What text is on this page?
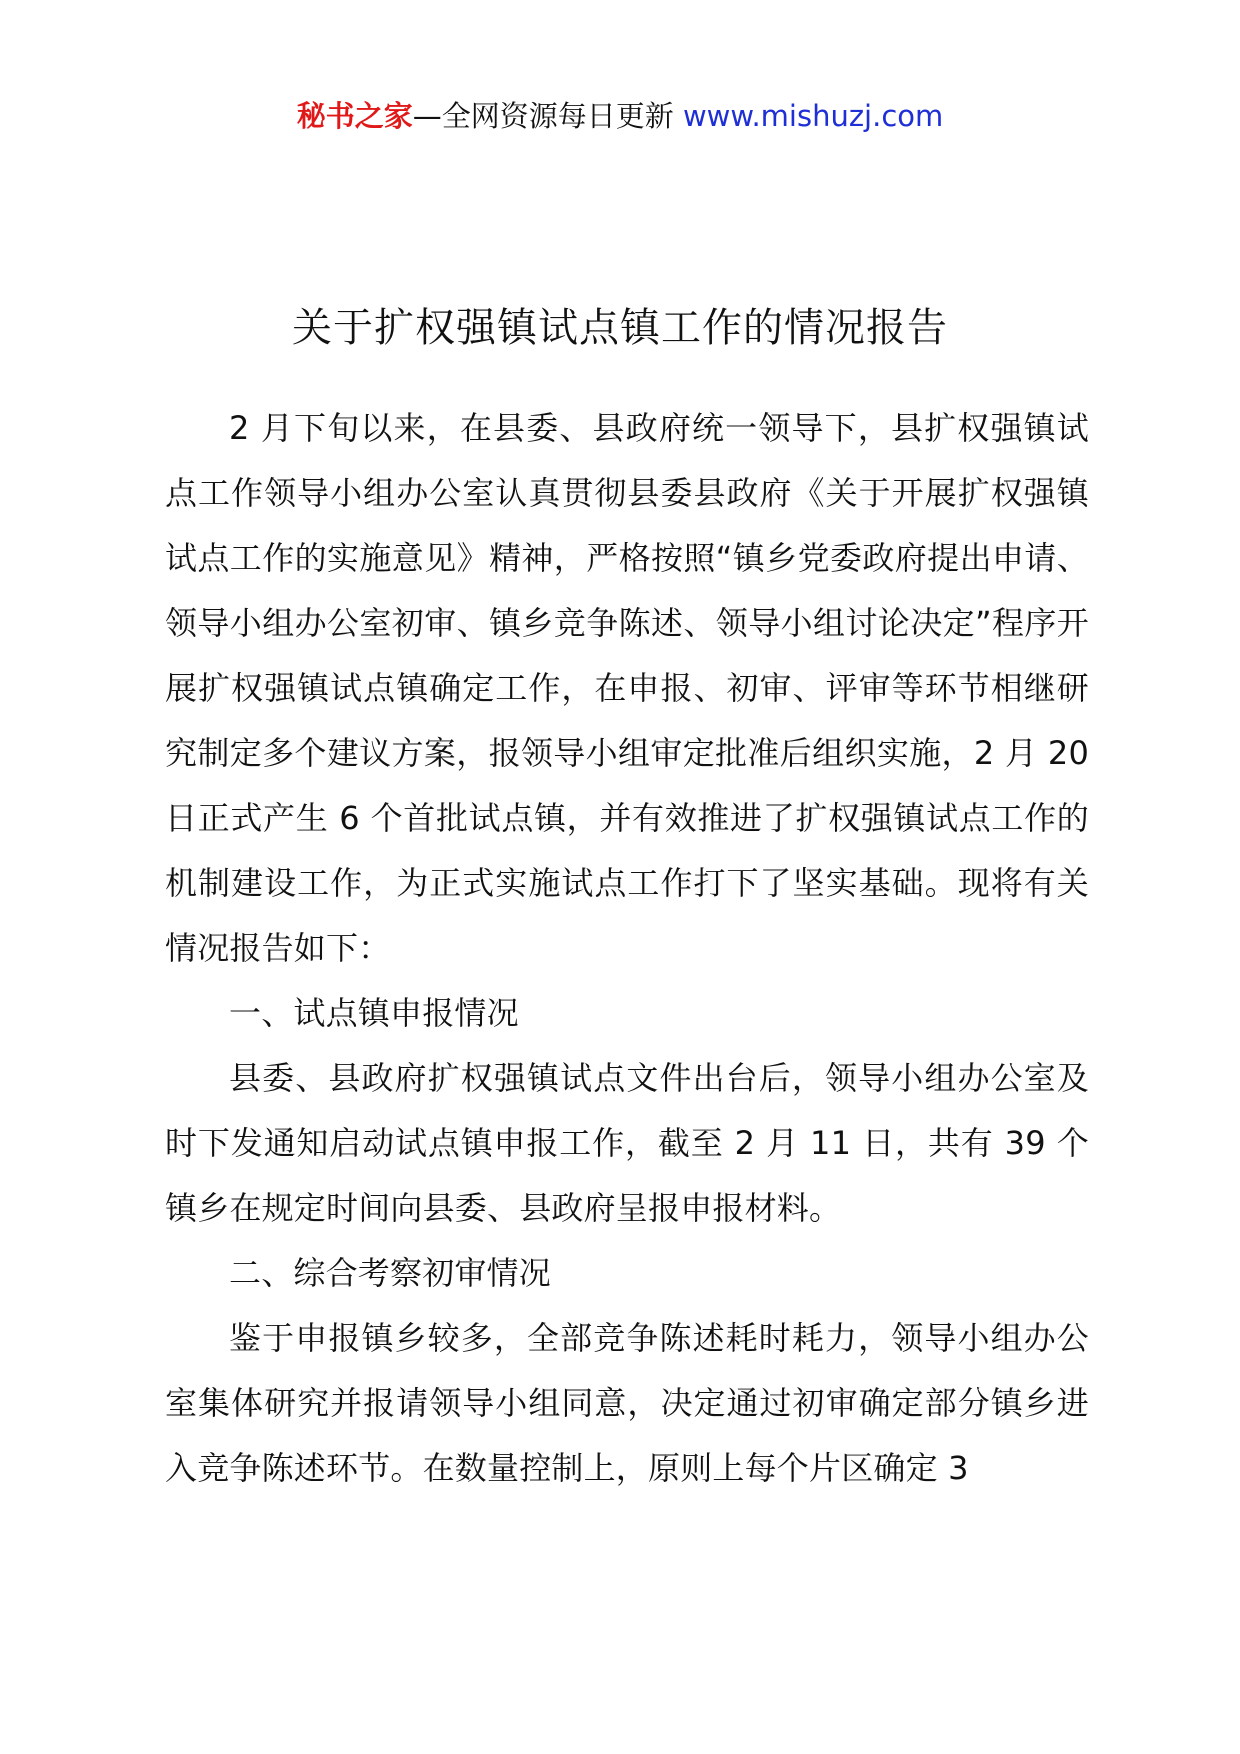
秘书之家—全网资源每日更新 www.mishuzj.com
关于扩权强镇试点镇工作的情况报告

2 月下旬以来，在县委、县政府统一领导下，县扩权强镇试点工作领导小组办公室认真贯彻县委县政府《关于开展扩权强镇试点工作的实施意见》精神，严格按照“镇乡党委政府提出申请、领导小组办公室初审、镇乡竞争陈述、领导小组讨论决定”程序开展扩权强镇试点镇确定工作，在申报、初审、评审等环节相继研究制定多个建议方案，报领导小组审定批准后组织实施，2 月 20 日正式产生 6 个首批试点镇，并有效推进了扩权强镇试点工作的机制建设工作，为正式实施试点工作打下了坚实基础。现将有关情况报告如下：

一、试点镇申报情况

县委、县政府扩权强镇试点文件出台后，领导小组办公室及时下发通知启动试点镇申报工作，截至 2 月 11 日，共有 39 个镇乡在规定时间向县委、县政府呈报申报材料。

二、综合考察初审情况

鉴于申报镇乡较多，全部竞争陈述耗时耗力，领导小组办公室集体研究并报请领导小组同意，决定通过初审确定部分镇乡进入竞争陈述环节。在数量控制上，原则上每个片区确定 3
